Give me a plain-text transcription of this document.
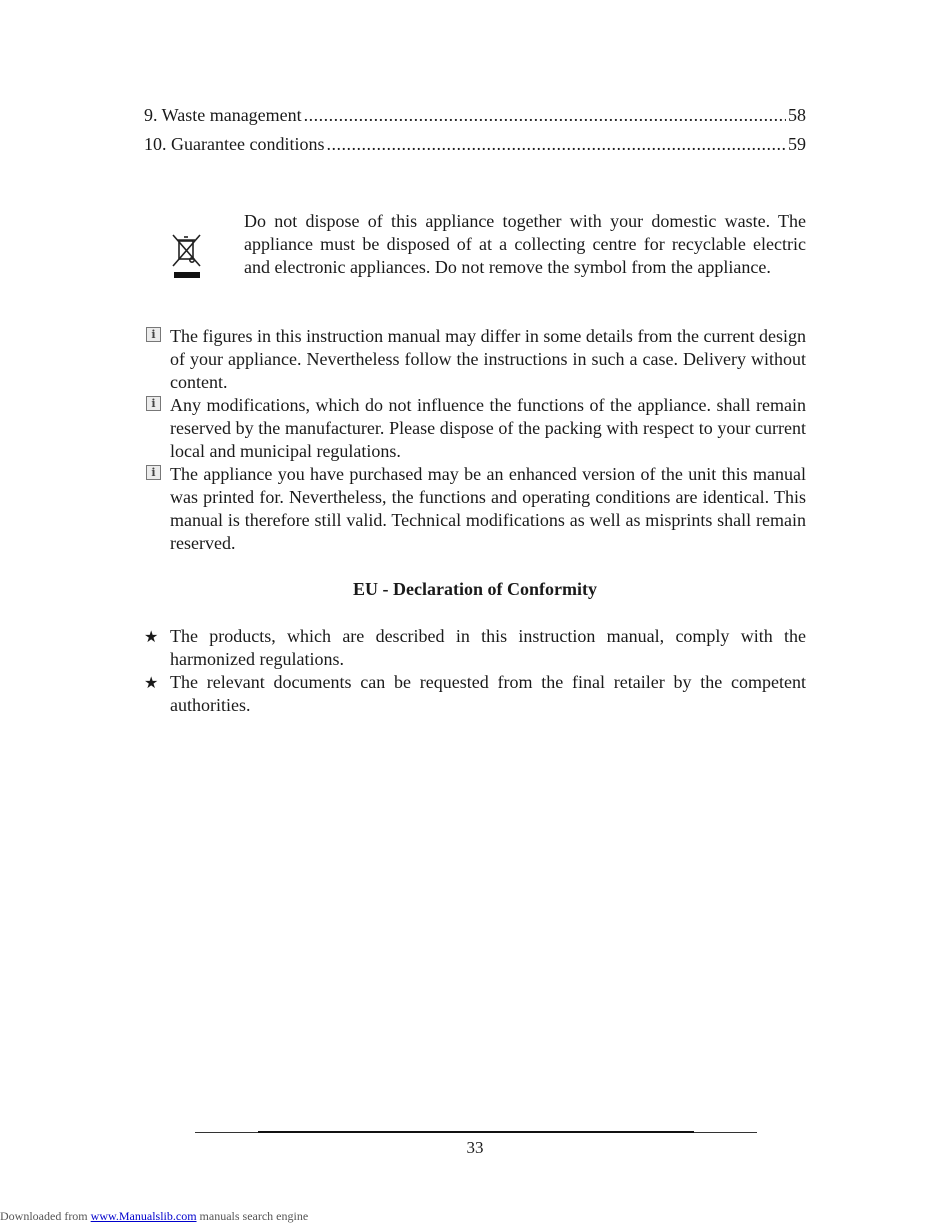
9. Waste management .....	58
10. Guarantee conditions .....	59
Do not dispose of this appliance together with your domestic waste. The appliance must be disposed of at a collecting centre for recyclable electric and electronic appliances. Do not remove the symbol from the appliance.
i The figures in this instruction manual may differ in some details from the current design of your appliance. Nevertheless follow the instructions in such a case. Delivery without content.
i Any modifications, which do not influence the functions of the appliance. shall remain reserved by the manufacturer. Please dispose of the packing with respect to your current local and municipal regulations.
i The appliance you have purchased may be an enhanced version of the unit this manual was printed for. Nevertheless, the functions and operating conditions are identical. This manual is therefore still valid. Technical modifications as well as misprints shall remain reserved.
EU - Declaration of Conformity
★ The products, which are described in this instruction manual, comply with the harmonized regulations.
★ The relevant documents can be requested from the final retailer by the competent authorities.
33
Downloaded from www.Manualslib.com manuals search engine
